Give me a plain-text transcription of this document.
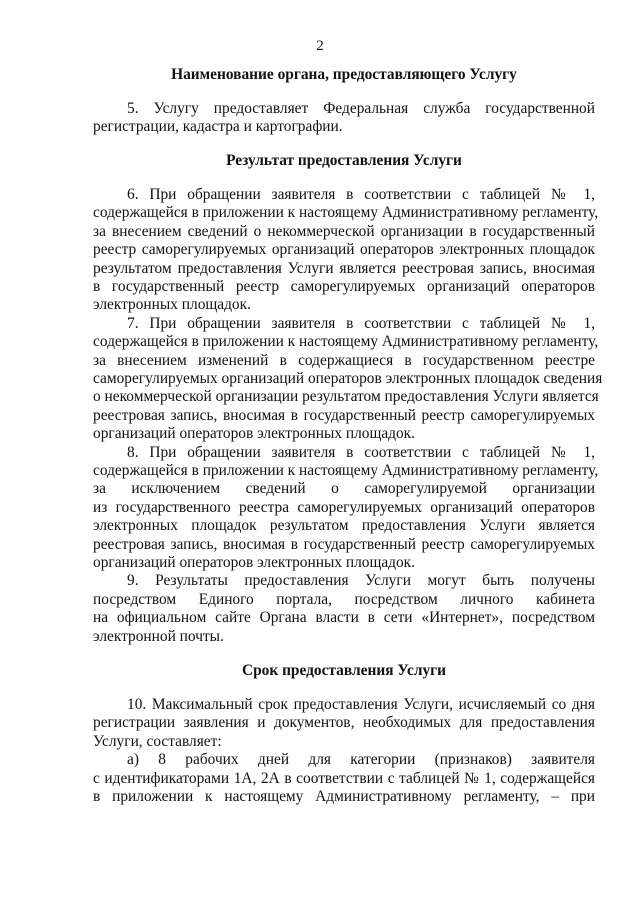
2
Наименование органа, предоставляющего Услугу
5. Услугу предоставляет Федеральная служба государственной
регистрации, кадастра и картографии.
Результат предоставления Услуги
6. При обращении заявителя в соответствии с таблицей № 1,
содержащейся в приложении к настоящему Административному регламенту,
за внесением сведений о некоммерческой организации в государственный
реестр саморегулируемых организаций операторов электронных площадок
результатом предоставления Услуги является реестровая запись, вносимая
в государственный реестр саморегулируемых организаций операторов
электронных площадок.
7. При обращении заявителя в соответствии с таблицей № 1,
содержащейся в приложении к настоящему Административному регламенту,
за внесением изменений в содержащиеся в государственном реестре
саморегулируемых организаций операторов электронных площадок сведения
о некоммерческой организации результатом предоставления Услуги является
реестровая запись, вносимая в государственный реестр саморегулируемых
организаций операторов электронных площадок.
8. При обращении заявителя в соответствии с таблицей № 1,
содержащейся в приложении к настоящему Административному регламенту,
за исключением сведений о саморегулируемой организации
из государственного реестра саморегулируемых организаций операторов
электронных площадок результатом предоставления Услуги является
реестровая запись, вносимая в государственный реестр саморегулируемых
организаций операторов электронных площадок.
9. Результаты предоставления Услуги могут быть получены
посредством Единого портала, посредством личного кабинета
на официальном сайте Органа власти в сети «Интернет», посредством
электронной почты.
Срок предоставления Услуги
10. Максимальный срок предоставления Услуги, исчисляемый со дня
регистрации заявления и документов, необходимых для предоставления
Услуги, составляет:
а) 8 рабочих дней для категории (признаков) заявителя
с идентификаторами 1А, 2А в соответствии с таблицей № 1, содержащейся
в приложении к настоящему Административному регламенту, – при
